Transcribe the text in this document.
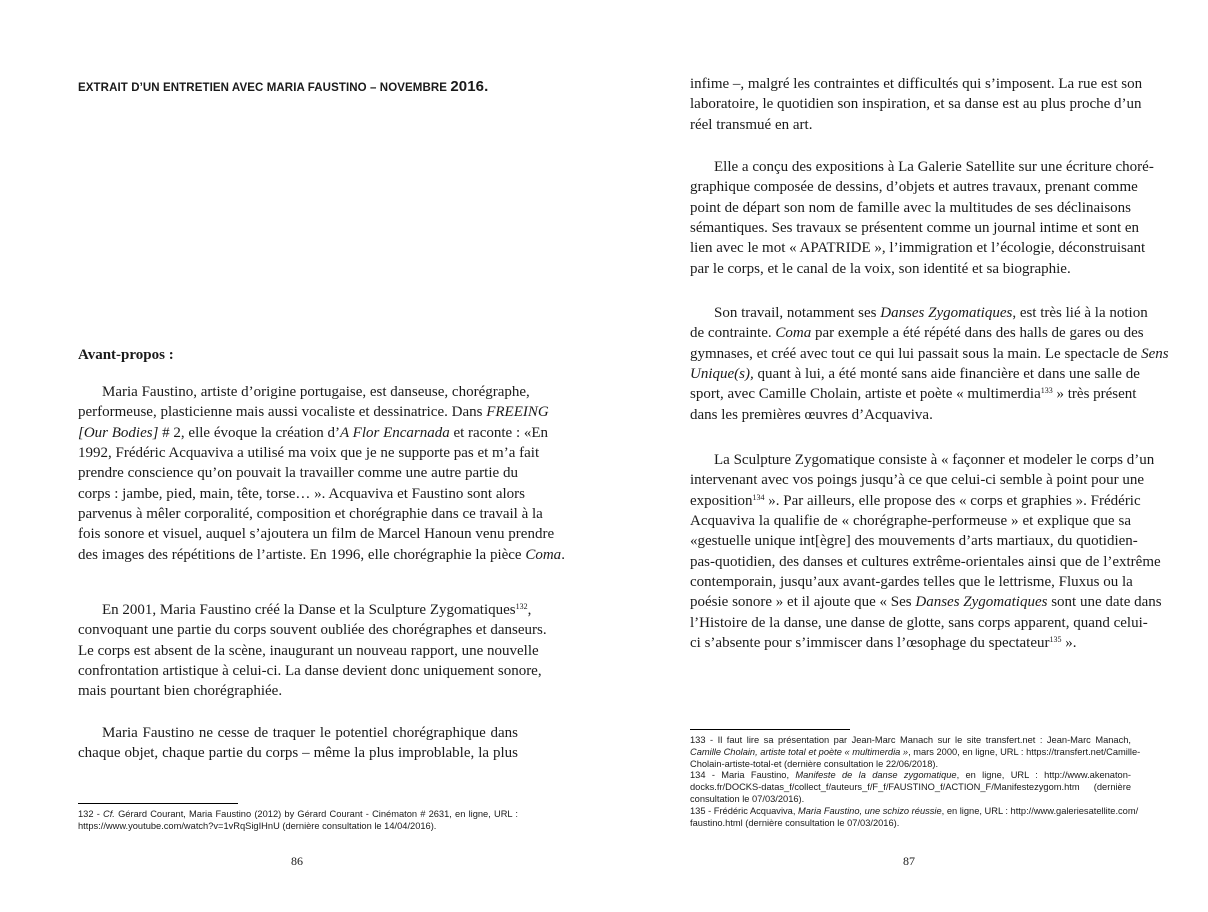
EXTRAIT D’UN ENTRETIEN AVEC MARIA FAUSTINO – NOVEMBRE 2016.
Avant-propos :
Maria Faustino, artiste d’origine portugaise, est danseuse, chorégraphe,
performeuse, plasticienne mais aussi vocaliste et dessinatrice. Dans FREEING
[Our Bodies] # 2, elle évoque la création d’A Flor Encarnada et raconte : «En
1992, Frédéric Acquaviva a utilisé ma voix que je ne supporte pas et m’a fait
prendre conscience qu’on pouvait la travailler comme une autre partie du
corps : jambe, pied, main, tête, torse… ». Acquaviva et Faustino sont alors
parvenus à mêler corporalité, composition et chorégraphie dans ce travail à la
fois sonore et visuel, auquel s’ajoutera un film de Marcel Hanoun venu prendre
des images des répétitions de l’artiste. En 1996, elle chorégraphie la pièce Coma.
En 2001, Maria Faustino créé la Danse et la Sculpture Zygomatiques$^{132}$,
convoquant une partie du corps souvent oubliée des chorégraphes et danseurs.
Le corps est absent de la scène, inaugurant un nouveau rapport, une nouvelle
confrontation artistique à celui-ci. La danse devient donc uniquement sonore,
mais pourtant bien chorégraphiée.
Maria Faustino ne cesse de traquer le potentiel chorégraphique dans
chaque objet, chaque partie du corps – même la plus improblable, la plus
132 - Cf. Gérard Courant, Maria Faustino (2012) by Gérard Courant - Cinématon # 2631, en ligne, URL :
https://www.youtube.com/watch?v=1vRqSigIHnU (dernière consultation le 14/04/2016).
86
infime –, malgré les contraintes et difficultés qui s’imposent. La rue est son
laboratoire, le quotidien son inspiration, et sa danse est au plus proche d’un
réel transmué en art.
Elle a conçu des expositions à La Galerie Satellite sur une écriture choré-
graphique composée de dessins, d’objets et autres travaux, prenant comme
point de départ son nom de famille avec la multitudes de ses déclinaisons
sémantiques. Ses travaux se présentent comme un journal intime et sont en
lien avec le mot « APATRIDE », l’immigration et l’écologie, déconstruisant
par le corps, et le canal de la voix, son identité et sa biographie.
Son travail, notamment ses Danses Zygomatiques, est très lié à la notion
de contrainte. Coma par exemple a été répété dans des halls de gares ou des
gymnases, et créé avec tout ce qui lui passait sous la main. Le spectacle de Sens
Unique(s), quant à lui, a été monté sans aide financière et dans une salle de
sport, avec Camille Cholain, artiste et poète « multimerdia$^{133}$ » très présent
dans les premières œuvres d’Acquaviva.
La Sculpture Zygomatique consiste à « façonner et modeler le corps d’un
intervenant avec vos poings jusqu’à ce que celui-ci semble à point pour une
exposition$^{134}$ ». Par ailleurs, elle propose des « corps et graphies ». Frédéric
Acquaviva la qualifie de « chorégraphe-performeuse » et explique que sa
«gestuelle unique int[ègre] des mouvements d’arts martiaux, du quotidien-
pas-quotidien, des danses et cultures extrême-orientales ainsi que de l’extrême
contemporain, jusqu’aux avant-gardes telles que le lettrisme, Fluxus ou la
poésie sonore » et il ajoute que « Ses Danses Zygomatiques sont une date dans
l’Histoire de la danse, une danse de glotte, sans corps apparent, quand celui-
ci s’absente pour s’immiscer dans l’œsophage du spectateur$^{135}$ ».
133 - Il faut lire sa présentation par Jean-Marc Manach sur le site transfert.net : Jean-Marc Manach,
Camille Cholain, artiste total et poète « multimerdia », mars 2000, en ligne, URL : https://transfert.net/Camille-
Cholain-artiste-total-et (dernière consultation le 22/06/2018).
134 - Maria Faustino, Manifeste de la danse zygomatique, en ligne, URL : http://www.akenaton-
docks.fr/DOCKS-datas_f/collect_f/auteurs_f/F_f/FAUSTINO_f/ACTION_F/Manifestezygom.htm (dernière
consultation le 07/03/2016).
135 - Frédéric Acquaviva, Maria Faustino, une schizo réussie, en ligne, URL : http://www.galeriesatellite.com/
faustino.html (dernière consultation le 07/03/2016).
87
